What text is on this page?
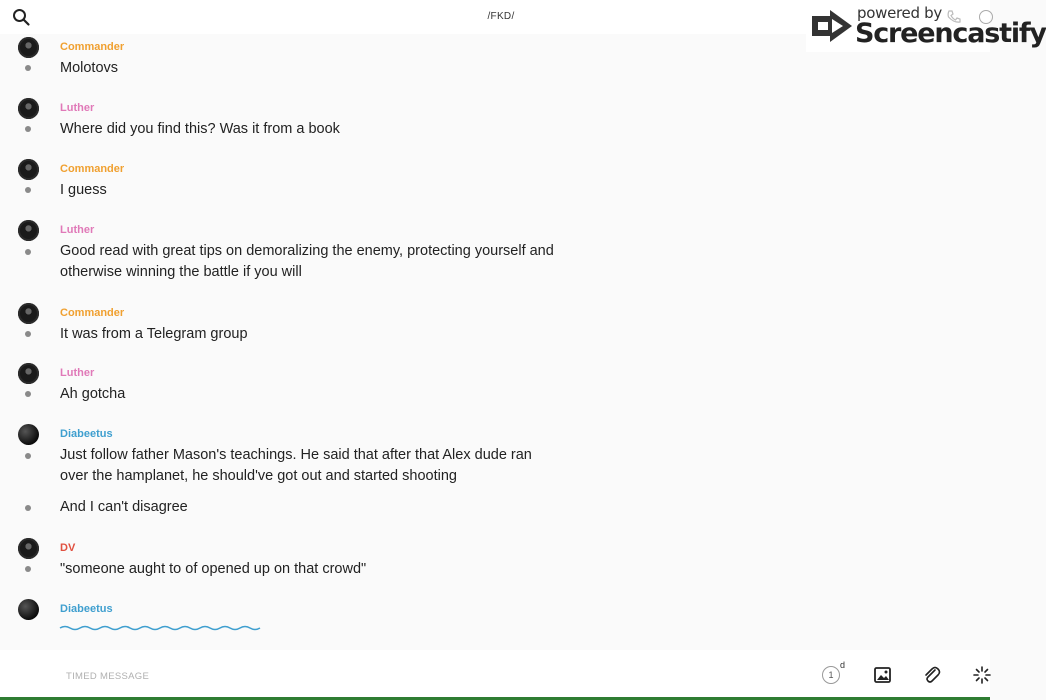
/FKD/	powered by
Screencastify
Commander
Molotovs
Luther
Where did you find this? Was it from a book
Commander
I guess
Luther
Good read with great tips on demoralizing the enemy, protecting yourself and otherwise winning the battle if you will
Commander
It was from a Telegram group
Luther
Ah gotcha
Diabeetus
Just follow father Mason's teachings. He said that after that Alex dude ran over the hamplanet, he should've got out and started shooting
And I can't disagree
DV
"someone aught to of opened up on that crowd"
Diabeetus
TIMED MESSAGE
1
d
